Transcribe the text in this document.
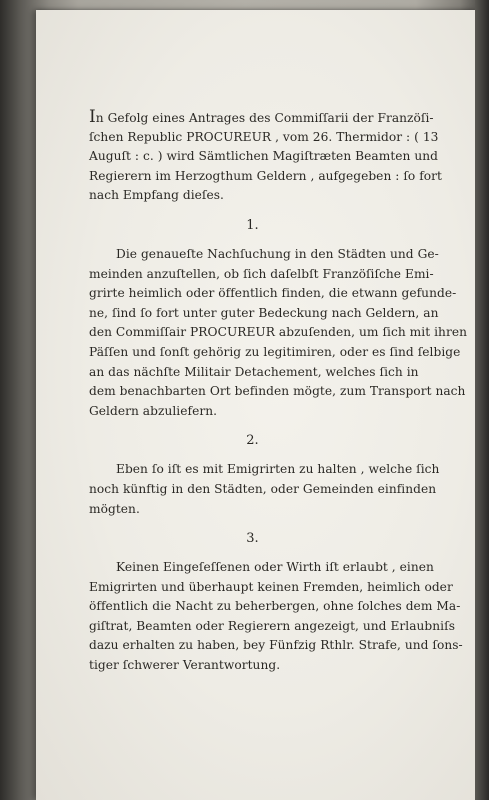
In Gefolg eines Antrages des Commiſſarii der Franzöſi-
ſchen Republic PROCUREUR , vom 26. Thermidor : ( 13
Auguſt : c. ) wird Sämtlichen Magiſtræten Beamten und
Regierern im Herzogthum Geldern , aufgegeben : ſo fort
nach Empfang dieſes.
1.
Die genaueſte Nachſuchung in den Städten und Ge-
meinden anzuſtellen, ob ſich daſelbſt Franzöſiſche Emi-
grirte heimlich oder öffentlich finden, die etwann gefunde-
ne, ſind ſo fort unter guter Bedeckung nach Geldern, an
den Commiſſair PROCUREUR abzuſenden, um ſich mit ihren
Päſſen und ſonſt gehörig zu legitimiren, oder es ſind ſelbige
an das nächſte Militair Detachement, welches ſich in
dem benachbarten Ort befinden mögte, zum Transport nach
Geldern abzuliefern.
2.
Eben ſo iſt es mit Emigrirten zu halten , welche ſich
noch künftig in den Städten, oder Gemeinden einfinden
mögten.
3.
Keinen Eingeſeſſenen oder Wirth iſt erlaubt , einen
Emigrirten und überhaupt keinen Fremden, heimlich oder
öffentlich die Nacht zu beherbergen, ohne ſolches dem Ma-
giſtrat, Beamten oder Regierern angezeigt, und Erlaubniſs
dazu erhalten zu haben, bey Fünfzig Rthlr. Strafe, und ſons-
tiger ſchwerer Verantwortung.
